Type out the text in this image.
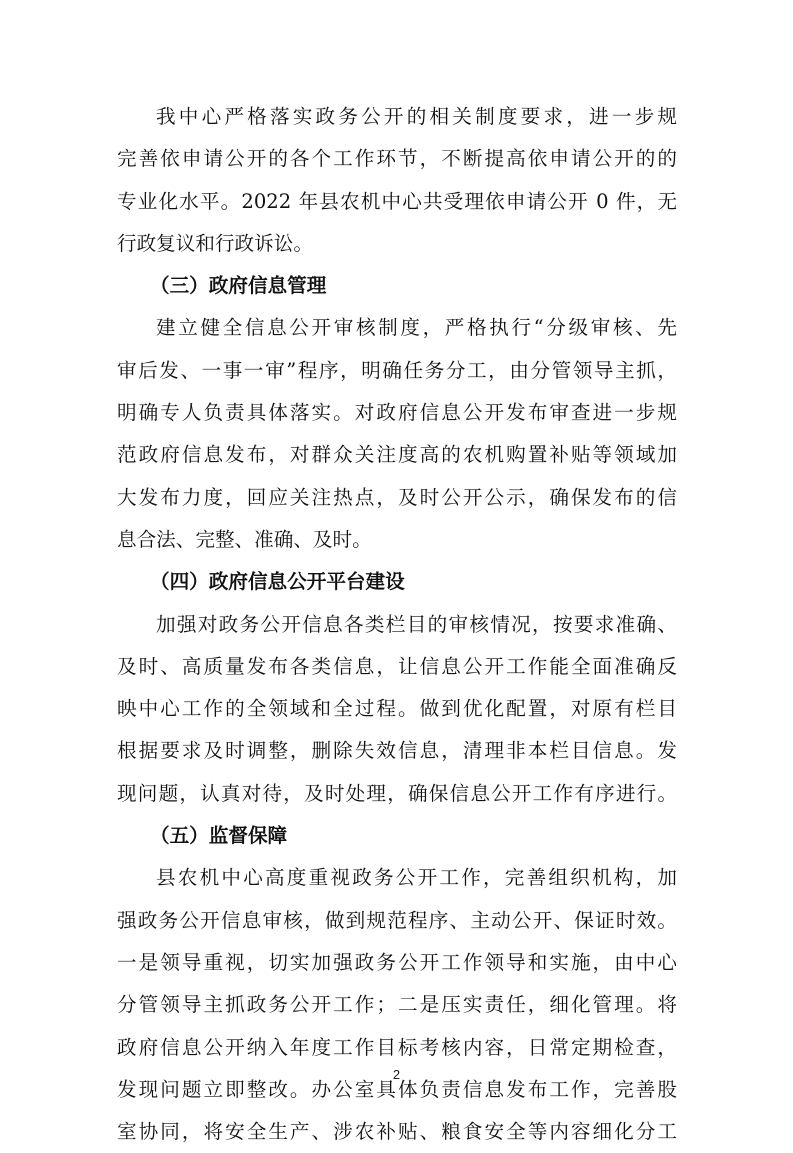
我中心严格落实政务公开的相关制度要求，进一步规
完善依申请公开的各个工作环节，不断提高依申请公开的的
专业化水平。2022 年县农机中心共受理依申请公开 0 件，无
行政复议和行政诉讼。
（三）政府信息管理
建立健全信息公开审核制度，严格执行“分级审核、先
审后发、一事一审”程序，明确任务分工，由分管领导主抓，
明确专人负责具体落实。对政府信息公开发布审查进一步规
范政府信息发布，对群众关注度高的农机购置补贴等领域加
大发布力度，回应关注热点，及时公开公示，确保发布的信
息合法、完整、准确、及时。
（四）政府信息公开平台建设
加强对政务公开信息各类栏目的审核情况，按要求准确、
及时、高质量发布各类信息，让信息公开工作能全面准确反
映中心工作的全领域和全过程。做到优化配置，对原有栏目
根据要求及时调整，删除失效信息，清理非本栏目信息。发
现问题，认真对待，及时处理，确保信息公开工作有序进行。
（五）监督保障
县农机中心高度重视政务公开工作，完善组织机构，加
强政务公开信息审核，做到规范程序、主动公开、保证时效。
一是领导重视，切实加强政务公开工作领导和实施，由中心
分管领导主抓政务公开工作；二是压实责任，细化管理。将
政府信息公开纳入年度工作目标考核内容，日常定期检查，
发现问题立即整改。办公室具体负责信息发布工作，完善股
室协同，将安全生产、涉农补贴、粮食安全等内容细化分工
2
